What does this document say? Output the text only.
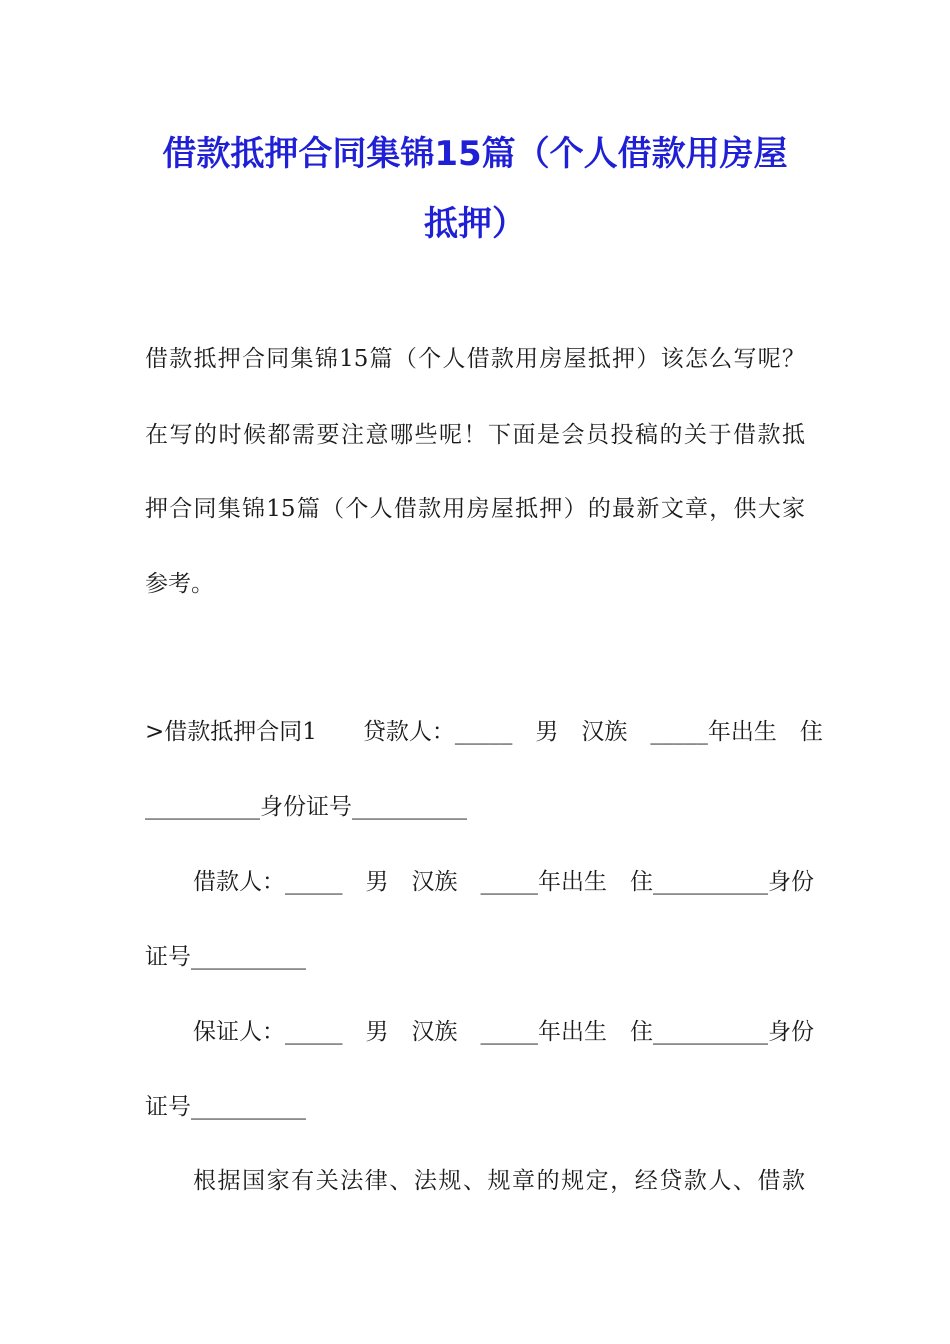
借款抵押合同集锦15篇（个人借款用房屋
抵押）
借款抵押合同集锦15篇（个人借款用房屋抵押）该怎么写呢？
在写的时候都需要注意哪些呢！下面是会员投稿的关于借款抵
押合同集锦15篇（个人借款用房屋抵押）的最新文章，供大家
参考。
>借款抵押合同1　　贷款人：_____　男　汉族　_____年出生　住
__________身份证号__________
借款人：_____　男　汉族　_____年出生　住__________身份
证号__________
保证人：_____　男　汉族　_____年出生　住__________身份
证号__________
根据国家有关法律、法规、规章的规定，经贷款人、借款
